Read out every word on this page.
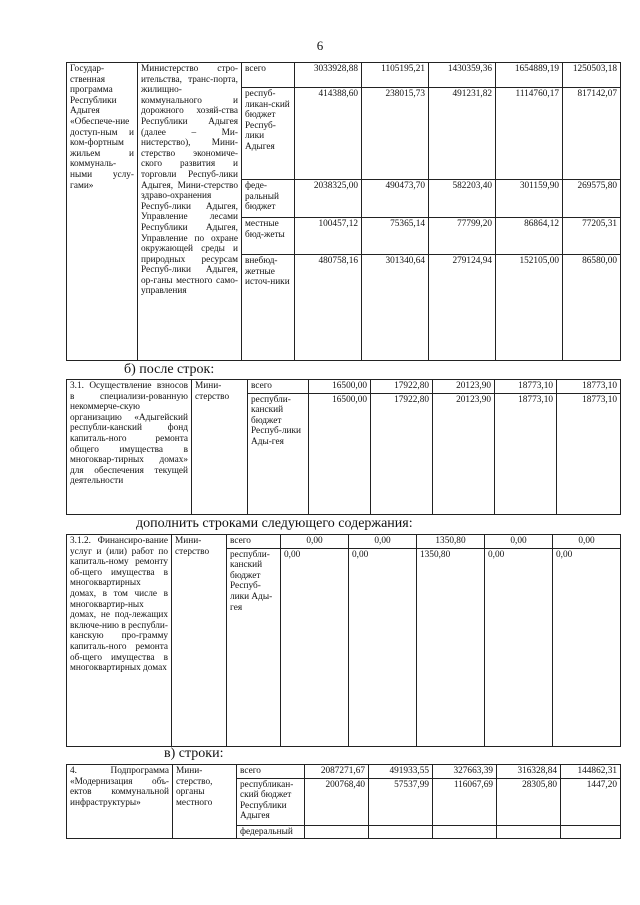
6
Государ-ственная программа Республики Адыгея «Обеспече-ние доступ-ным и ком-фортным жильем и коммуналь-ными услу-гами»	Министерство стро-ительства, транс-порта, жилищно-коммунального и дорожного хозяй-ства Республики Адыгея (далее – Ми-нистерство), Мини-стерство экономиче-ского развития и торговли Респуб-лики Адыгея, Мини-стерство здраво-охранения Респуб-лики Адыгея, Управление лесами Республики Адыгея, Управление по охране окружающей среды и природных ресурсам Респуб-лики Адыгея, ор-ганы местного само-управления	всего	3033928,88	1105195,21	1430359,36	1654889,19	1250503,18
		респуб-ликан-ский бюджет Респуб-лики Адыгея	414388,60	238015,73	491231,82	1114760,17	817142,07
		феде-ральный бюджет	2038325,00	490473,70	582203,40	301159,90	269575,80
		местные бюд-жеты	100457,12	75365,14	77799,20	86864,12	77205,31
		внебюд-жетные источ-ники	480758,16	301340,64	279124,94	152105,00	86580,00
б) после строк:
3.1. Осуществление взносов в специализи-рованную некоммерче-скую организацию «Адыгейский республи-канский фонд капиталь-ного ремонта общего имущества в многоквар-тирных домах» для обеспечения текущей деятельности	Мини-стерство	всего	16500,00	17922,80	20123,90	18773,10	18773,10
		республи-канский бюджет Респуб-лики Ады-гея	16500,00	17922,80	20123,90	18773,10	18773,10
дополнить строками следующего содержания:
3.1.2. Финансиро-вание услуг и (или) работ по капиталь-ному ремонту об-щего имущества в многоквартирных домах, в том числе в многоквартир-ных домах, не под-лежащих включе-нию в республи-канскую про-грамму капиталь-ного ремонта об-щего имущества в многоквартирных домах	Мини-стерство	всего	0,00	0,00	1350,80	0,00	0,00
		республи-канский бюджет Респуб-лики Ады-гея	0,00	0,00	1350,80	0,00	0,00
в) строки:
4. Подпрограмма «Модернизация объ-ектов коммунальной инфраструктуры»	Мини-стерство, органы местного	всего	2087271,67	491933,55	327663,39	316328,84	144862,31
		республикан-ский бюджет Республики Адыгея	200768,40	57537,99	116067,69	28305,80	1447,20
		федеральный					
